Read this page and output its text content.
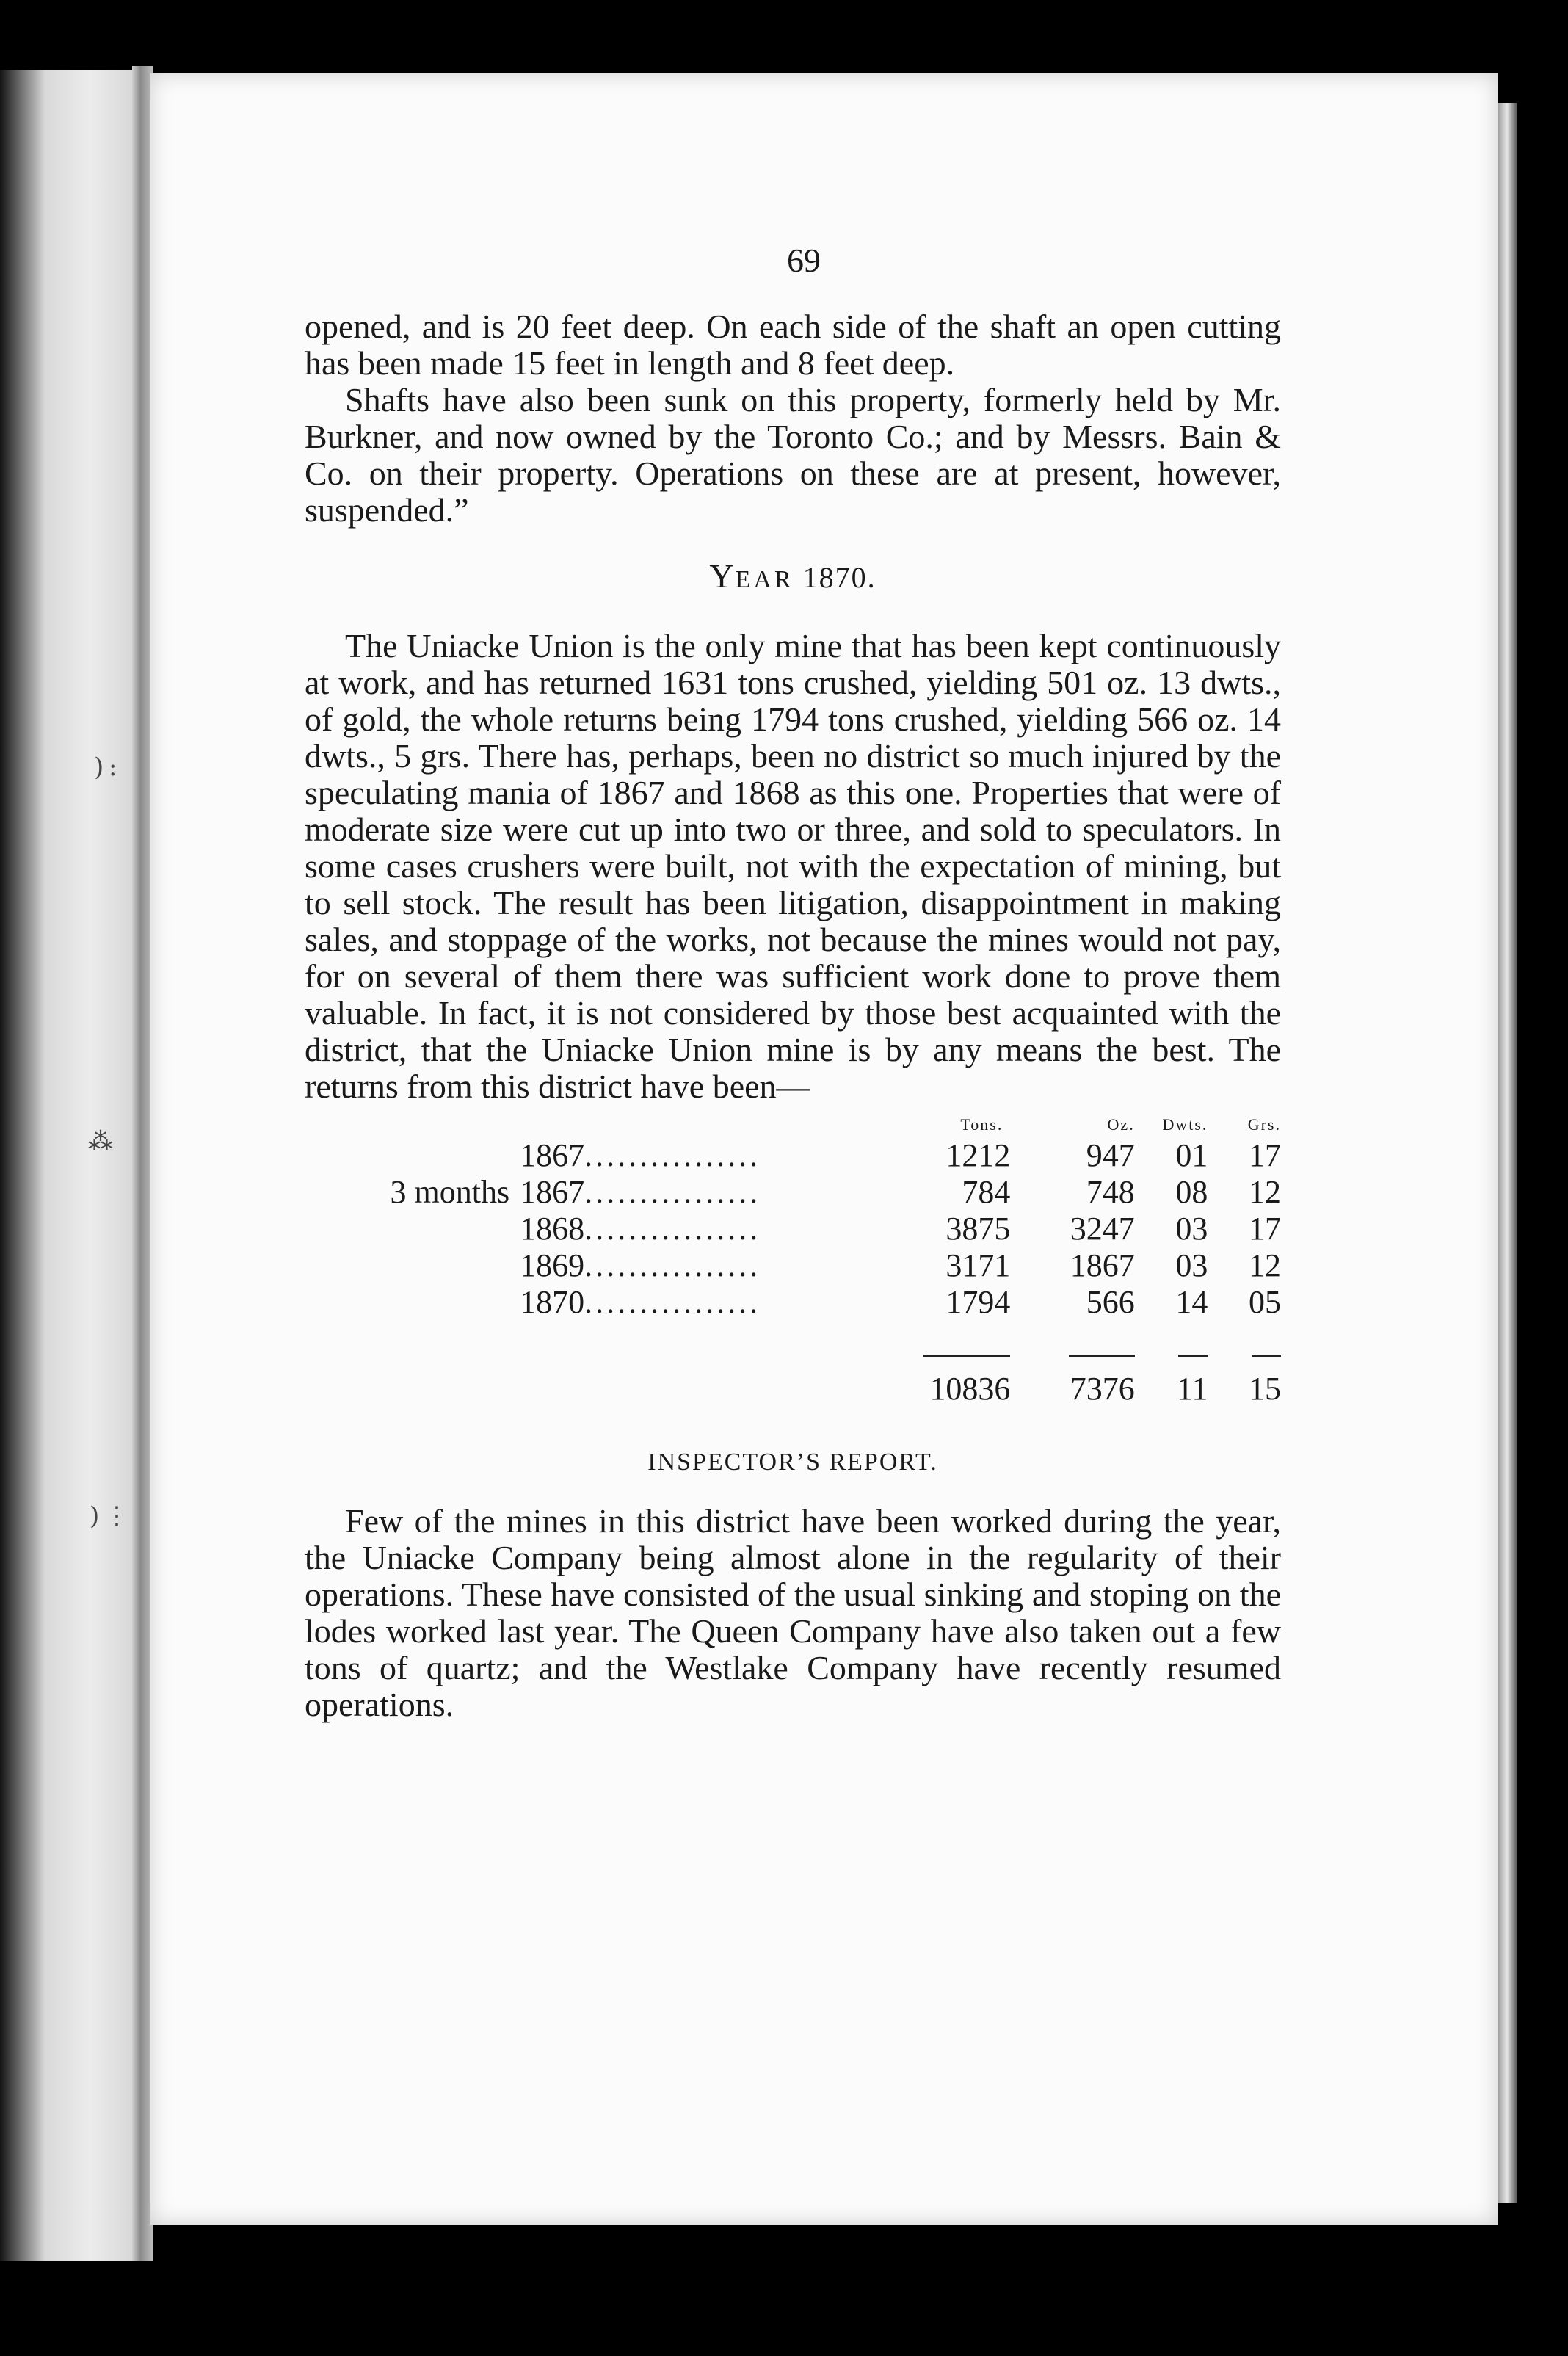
) :
⁂
) ⋮
69

opened, and is 20 feet deep. On each side of the shaft an open cutting has been made 15 feet in length and 8 feet deep.

Shafts have also been sunk on this property, formerly held by Mr. Burkner, and now owned by the Toronto Co.; and by Messrs. Bain & Co. on their property. Operations on these are at present, however, suspended.”

YEAR 1870.

The Uniacke Union is the only mine that has been kept continuously at work, and has returned 1631 tons crushed, yielding 501 oz. 13 dwts., of gold, the whole returns being 1794 tons crushed, yielding 566 oz. 14 dwts., 5 grs. There has, perhaps, been no district so much injured by the speculating mania of 1867 and 1868 as this one. Properties that were of moderate size were cut up into two or three, and sold to speculators. In some cases crushers were built, not with the expectation of mining, but to sell stock. The result has been litigation, disappointment in making sales, and stoppage of the works, not because the mines would not pay, for on several of them there was sufficient work done to prove them valuable. In fact, it is not considered by those best acquainted with the district, that the Uniacke Union mine is by any means the best. The returns from this district have been—

		Tons.	Oz.	Dwts.	Grs.
	1867................	1212	947	01	17
3 months	1867................	784	748	08	12
	1868................	3875	3247	03	17
	1869................	3171	1867	03	12
	1870................	1794	566	14	05

		10836	7376	11	15
INSPECTOR’S REPORT.

Few of the mines in this district have been worked during the year, the Uniacke Company being almost alone in the regularity of their operations. These have consisted of the usual sinking and stoping on the lodes worked last year. The Queen Company have also taken out a few tons of quartz; and the Westlake Company have recently resumed operations.
